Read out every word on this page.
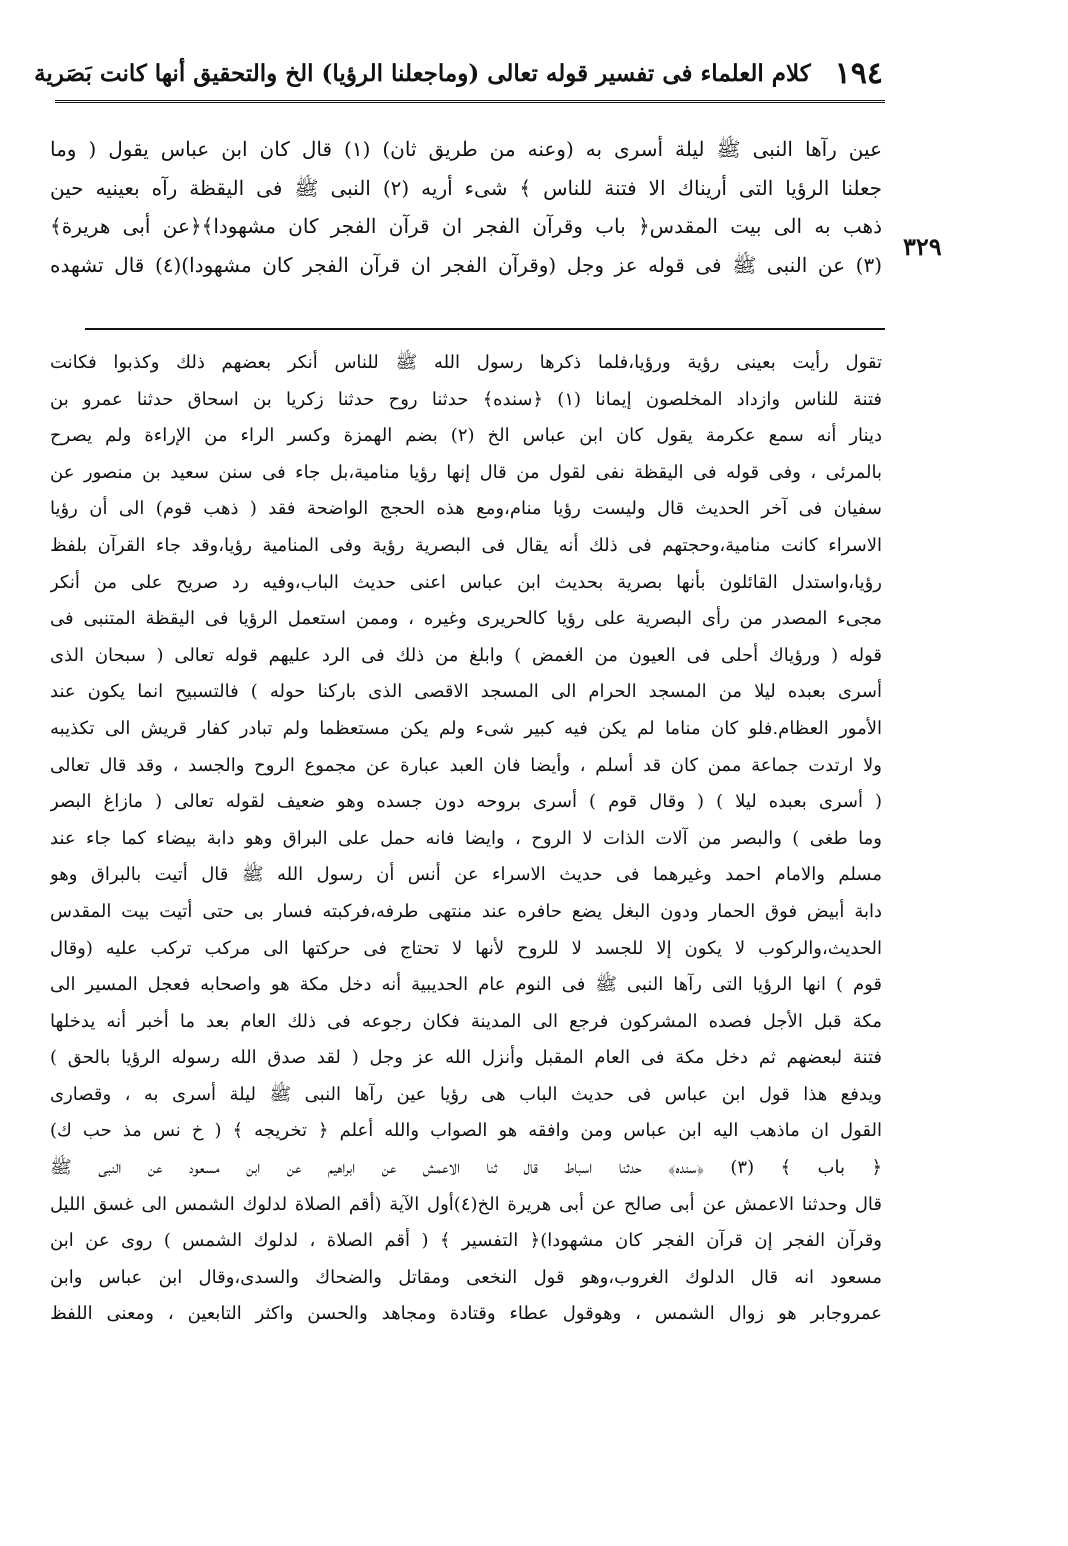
١٩٤
كلام العلماء فى تفسير قوله تعالى (وماجعلنا الرؤيا) الخ والتحقيق أنها كانت بَصَرية
٣٢٩
عين رآها النبى ﷺ ليلة أسرى به (وعنه من طريق ثان) (١) قال كان ابن عباس يقول ( وما
جعلنا الرؤيا التى أريناك الا فتنة للناس ﴾ شىء أريه (٢) النبى ﷺ فى اليقظة رآه بعينيه حين
ذهب به الى بيت المقدس﴿ باب وقرآن الفجر ان قرآن الفجر كان مشهودا﴾﴿عن أبى هريرة﴾
(٣) عن النبى ﷺ فى قوله عز وجل (وقرآن الفجر ان قرآن الفجر كان مشهودا)(٤) قال تشهده
تقول رأيت بعينى رؤية ورؤيا،فلما ذكرها رسول الله ﷺ للناس أنكر بعضهم ذلك وكذبوا فكانت
فتنة للناس وازداد المخلصون إيمانا (١) ﴿سنده﴾ حدثنا روح حدثنا زكريا بن اسحاق حدثنا عمرو بن
دينار أنه سمع عكرمة يقول كان ابن عباس الخ (٢) بضم الهمزة وكسر الراء من الإراءة ولم يصرح
بالمرئى ، وفى قوله فى اليقظة نفى لقول من قال إنها رؤيا منامية،بل جاء فى سنن سعيد بن منصور عن
سفيان فى آخر الحديث قال وليست رؤيا منام،ومع هذه الحجج الواضحة فقد ( ذهب قوم) الى أن رؤيا
الاسراء كانت منامية،وحجتهم فى ذلك أنه يقال فى البصرية رؤية وفى المنامية رؤيا،وقد جاء القرآن بلفظ
رؤيا،واستدل القائلون بأنها بصرية بحديث ابن عباس اعنى حديث الباب،وفيه رد صريح على من أنكر
مجىء المصدر من رأى البصرية على رؤيا كالحريرى وغيره ، وممن استعمل الرؤيا فى اليقظة المتنبى فى
قوله ( ورؤياك أحلى فى العيون من الغمض ) وابلغ من ذلك فى الرد عليهم قوله تعالى ( سبحان الذى
أسرى بعبده ليلا من المسجد الحرام الى المسجد الاقصى الذى باركنا حوله ) فالتسبيح انما يكون عند
الأمور العظام.فلو كان مناما لم يكن فيه كبير شىء ولم يكن مستعظما ولم تبادر كفار قريش الى تكذيبه
ولا ارتدت جماعة ممن كان قد أسلم ، وأيضا فان العبد عبارة عن مجموع الروح والجسد ، وقد قال تعالى
( أسرى بعبده ليلا ) ( وقال قوم ) أسرى بروحه دون جسده وهو ضعيف لقوله تعالى ( مازاغ البصر
وما طغى ) والبصر من آلات الذات لا الروح ، وايضا فانه حمل على البراق وهو دابة بيضاء كما جاء عند
مسلم والامام احمد وغيرهما فى حديث الاسراء عن أنس أن رسول الله ﷺ قال أتيت بالبراق وهو
دابة أبيض فوق الحمار ودون البغل يضع حافره عند منتهى طرفه،فركبته فسار بى حتى أتيت بيت المقدس
الحديث،والركوب لا يكون إلا للجسد لا للروح لأنها لا تحتاج فى حركتها الى مركب تركب عليه (وقال
قوم ) انها الرؤيا التى رآها النبى ﷺ فى النوم عام الحديبية أنه دخل مكة هو واصحابه فعجل المسير الى
مكة قبل الأجل فصده المشركون فرجع الى المدينة فكان رجوعه فى ذلك العام بعد ما أخبر أنه يدخلها
فتنة لبعضهم ثم دخل مكة فى العام المقبل وأنزل الله عز وجل ( لقد صدق الله رسوله الرؤيا بالحق )
ويدفع هذا قول ابن عباس فى حديث الباب هى رؤيا عين رآها النبى ﷺ ليلة أسرى به ، وقصارى
القول ان ماذهب اليه ابن عباس ومن وافقه هو الصواب والله أعلم ﴿ تخريجه ﴾ ( خ نس مذ حب ك)
﴿ باب ﴾ (٣) ﴿سنده﴾ حدثنا اسباط قال ثنا الاعمش عن ابراهيم عن ابن مسعود عن النبى ﷺ
قال وحدثنا الاعمش عن أبى صالح عن أبى هريرة الخ(٤)أول الآية (أقم الصلاة لدلوك الشمس الى غسق الليل
وقرآن الفجر إن قرآن الفجر كان مشهودا)﴿ التفسير ﴾ ( أقم الصلاة ، لدلوك الشمس ) روى عن ابن
مسعود انه قال الدلوك الغروب،وهو قول النخعى ومقاتل والضحاك والسدى،وقال ابن عباس وابن
عمروجابر هو زوال الشمس ، وهوقول عطاء وقتادة ومجاهد والحسن واكثر التابعين ، ومعنى اللفظ
